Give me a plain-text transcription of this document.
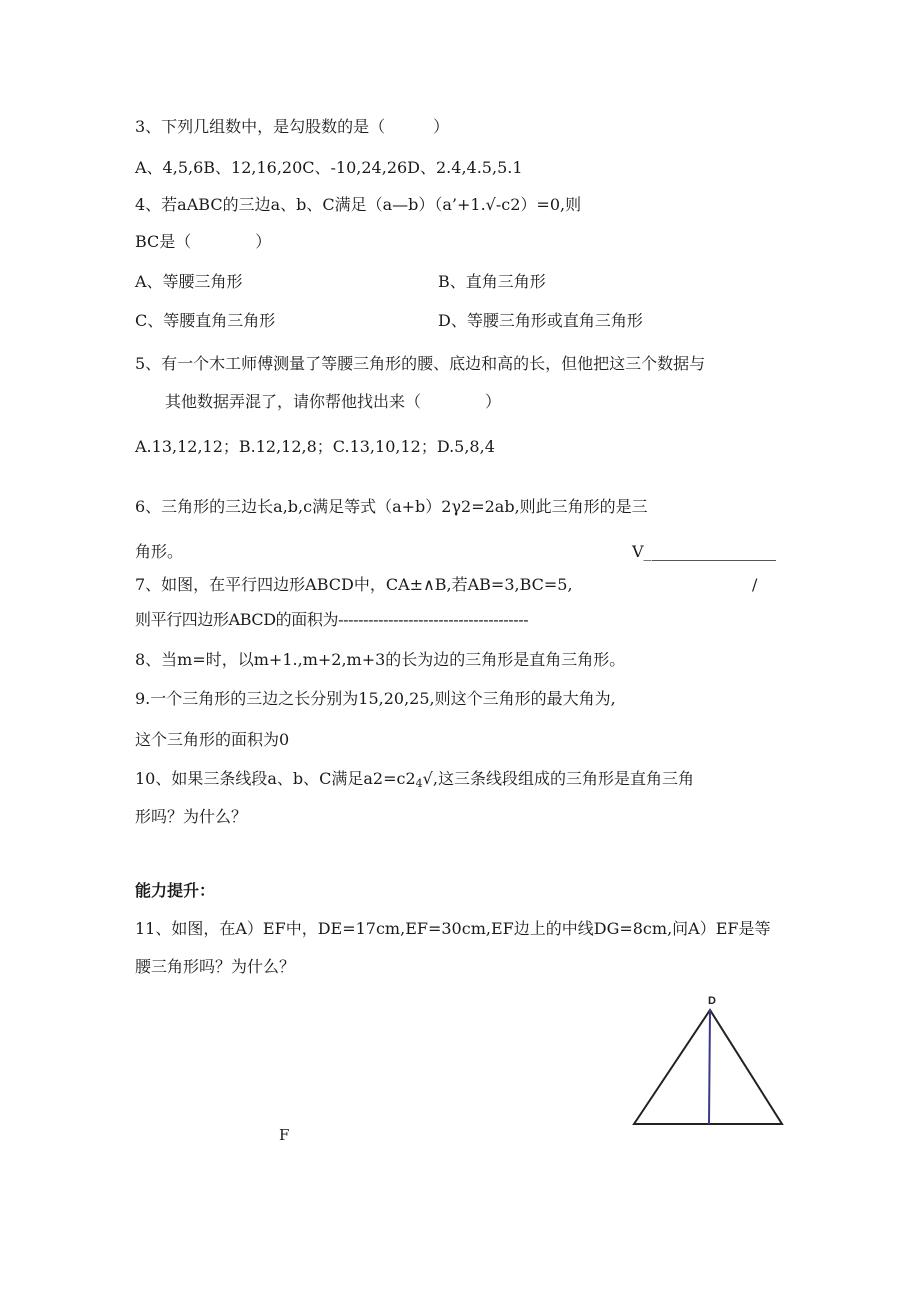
3、下列几组数中，是勾股数的是（　　　）
A、4,5,6B、12,16,20C、-10,24,26D、2.4,4.5,5.1
4、若aABC的三边a、b、C满足（a—b）（a’+1.√-c2）=0,则
BC是（　　　　）
A、等腰三角形	B、直角三角形
C、等腰直角三角形	D、等腰三角形或直角三角形
5、有一个木工师傅测量了等腰三角形的腰、底边和高的长，但他把这三个数据与
其他数据弄混了，请你帮他找出来（　　　　）
A.13,12,12；B.12,12,8；C.13,10,12；D.5,8,4
6、三角形的三边长a,b,c满足等式（a+b）2γ2=2ab,则此三角形的是三
角形。	V_
7、如图，在平行四边形ABCD中，CA±∧B,若AB=3,BC=5,	/
则平行四边形ABCD的面积为--------------------------------------
8、当m=时，以m+1.,m+2,m+3的长为边的三角形是直角三角形。
9.一个三角形的三边之长分别为15,20,25,则这个三角形的最大角为,
这个三角形的面积为0
10、如果三条线段a、b、C满足$a2=c2_4√$,这三条线段组成的三角形是直角三角
形吗？为什么？
能力提升：
11、如图，在A）EF中，DE=17cm,EF=30cm,EF边上的中线DG=8cm,问A）EF是等
腰三角形吗？为什么？
D
F
